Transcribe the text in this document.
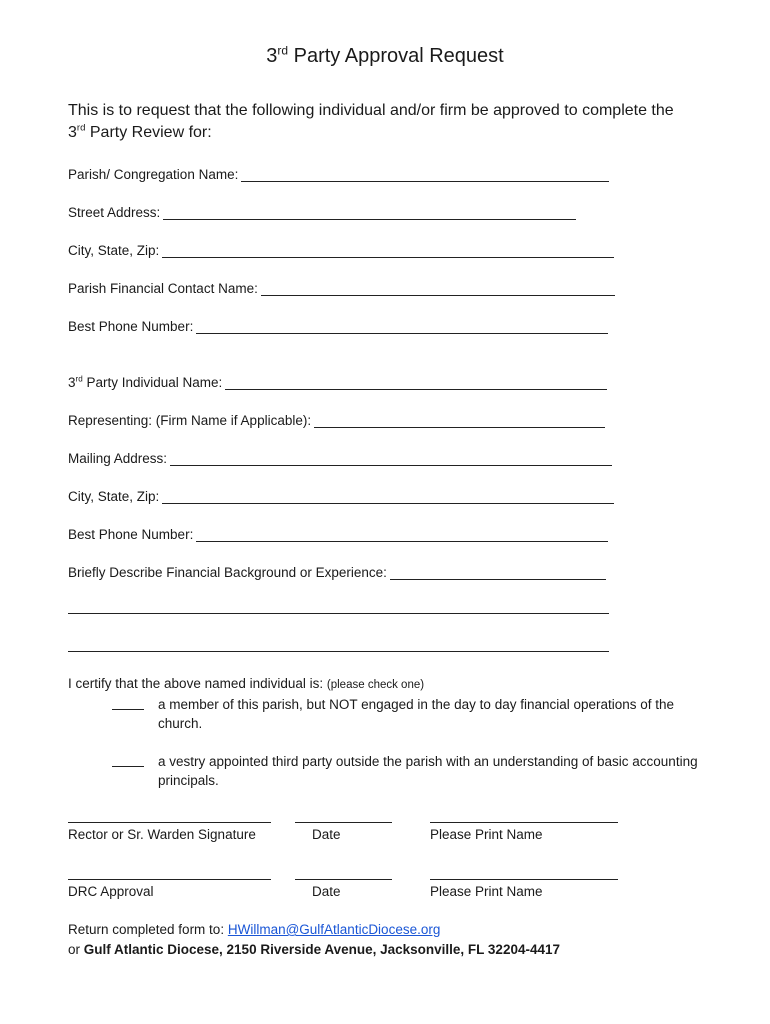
3rd Party Approval Request
This is to request that the following individual and/or firm be approved to complete the
3rd Party Review for:
Parish/ Congregation Name:
Street Address:
City, State, Zip:
Parish Financial Contact Name:
Best Phone Number:
3rd Party Individual Name:
Representing: (Firm Name if Applicable):
Mailing Address:
City, State, Zip:
Best Phone Number:
Briefly Describe Financial Background or Experience:
I certify that the above named individual is: (please check one)
a member of this parish, but NOT engaged in the day to day financial operations of the church.
a vestry appointed third party outside the parish with an understanding of basic accounting principals.
Rector or Sr. Warden Signature	Date	Please Print Name
DRC Approval	Date	Please Print Name
Return completed form to: HWillman@GulfAtlanticDiocese.org
or Gulf Atlantic Diocese, 2150 Riverside Avenue, Jacksonville, FL 32204-4417
